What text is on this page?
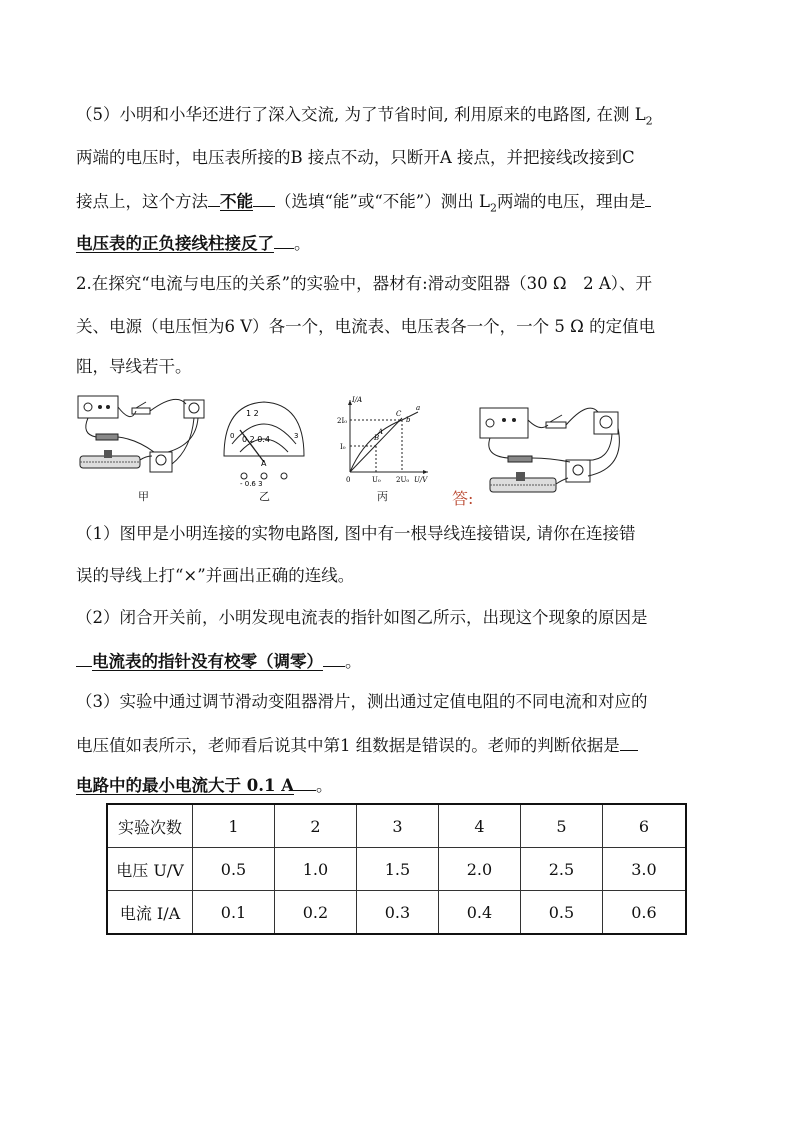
（5）小明和小华还进行了深入交流, 为了节省时间, 利用原来的电路图, 在测 $L_2$
两端的电压时，电压表所接的B 接点不动，只断开A 接点，并把接线改接到C
接点上，这个方法 不能 （选填“能”或“不能”）测出 $L_2$两端的电压，理由是
电压表的正负接线柱接反了 。
2.在探究“电流与电压的关系”的实验中，器材有:滑动变阻器（30 Ω　2 A）、开
关、电源（电压恒为6 V）各一个，电流表、电压表各一个，一个 5 Ω 的定值电
阻，导线若干。
甲
1 2
0.2 0.4
A
0	3
- 0.6 3
乙
I/A
U/V
2I₀
I₀
0	U₀ 2U₀
C
b
a
B
A
丙	答:
（1）图甲是小明连接的实物电路图, 图中有一根导线连接错误, 请你在连接错
误的导线上打“×”并画出正确的连线。
（2）闭合开关前，小明发现电流表的指针如图乙所示，出现这个现象的原因是
电流表的指针没有校零（调零） 。
（3）实验中通过调节滑动变阻器滑片，测出通过定值电阻的不同电流和对应的
电压值如表所示，老师看后说其中第1 组数据是错误的。老师的判断依据是
电路中的最小电流大于 0.1 A 。
实验次数	1	2	3	4	5	6
电压 U/V	0.5	1.0	1.5	2.0	2.5	3.0
电流 I/A	0.1	0.2	0.3	0.4	0.5	0.6
